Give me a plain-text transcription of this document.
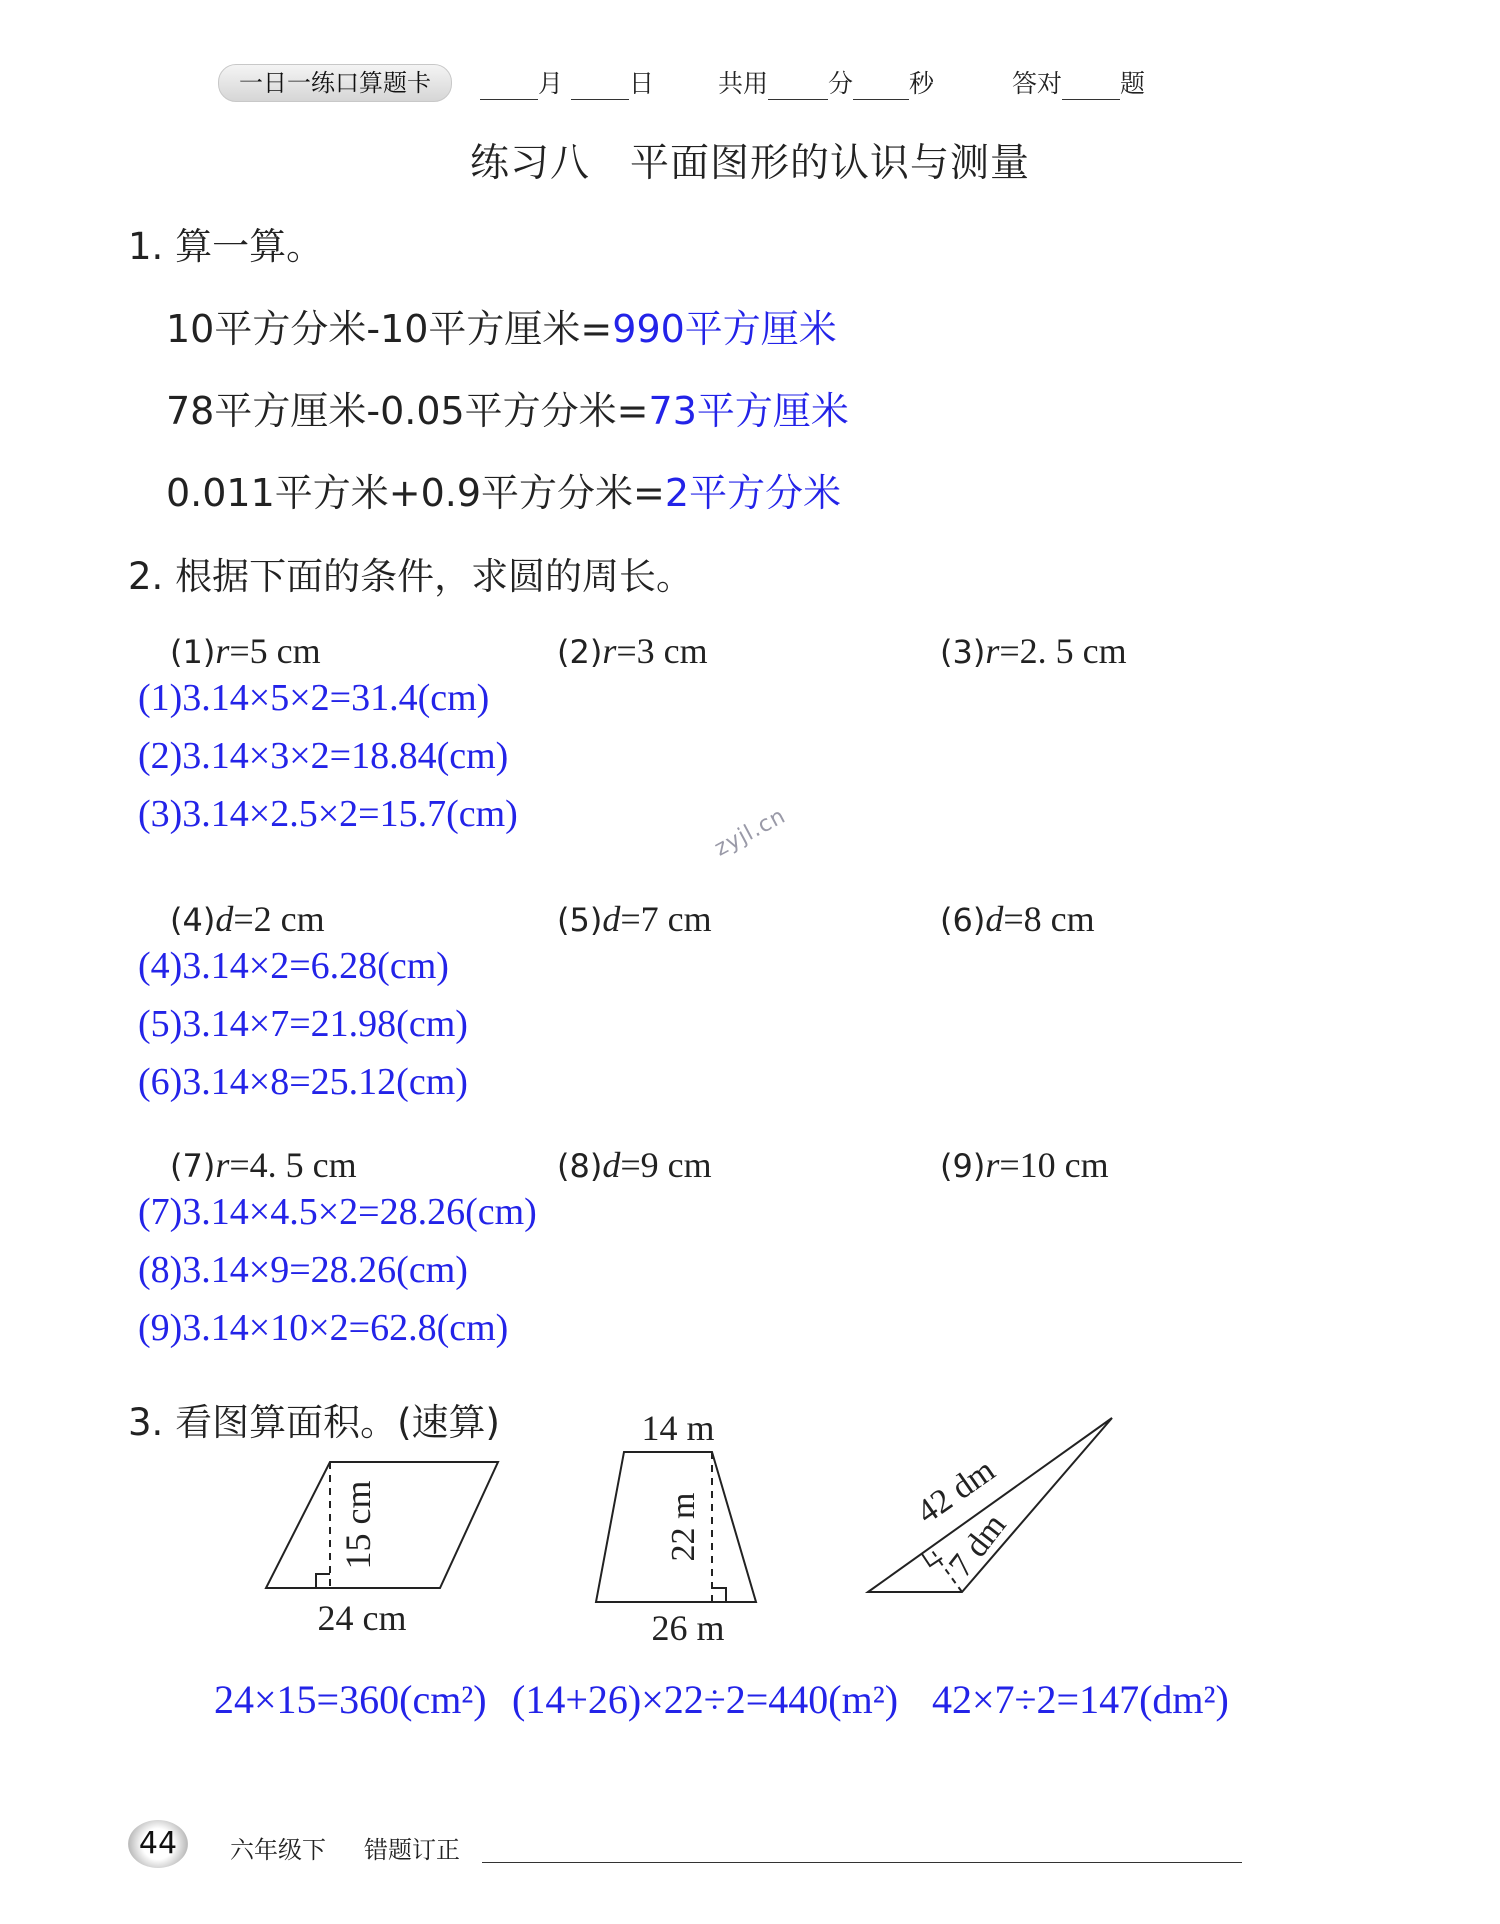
一日一练口算题卡	月	日	共用 分 秒	答对 题
练习八　平面图形的认识与测量
1. 算一算。
10平方分米-10平方厘米=990平方厘米
78平方厘米-0.05平方分米=73平方厘米
0.011平方米+0.9平方分米=2平方分米
2. 根据下面的条件，求圆的周长。
(1)r=5 cm	(2)r=3 cm	(3)r=2. 5 cm
(1)3.14×5×2=31.4(cm)
(2)3.14×3×2=18.84(cm)
(3)3.14×2.5×2=15.7(cm)	zyjl.cn
(4)d=2 cm	(5)d=7 cm	(6)d=8 cm
(4)3.14×2=6.28(cm)
(5)3.14×7=21.98(cm)
(6)3.14×8=25.12(cm)
(7)r=4. 5 cm	(8)d=9 cm	(9)r=10 cm
(7)3.14×4.5×2=28.26(cm)
(8)3.14×9=28.26(cm)
(9)3.14×10×2=62.8(cm)
3. 看图算面积。(速算)
15 cm
24 cm
14 m
22 m
26 m
42 dm
7 dm
24×15=360(cm²) (14+26)×22÷2=440(m²) 42×7÷2=147(dm²)
44	六年级下 错题订正
